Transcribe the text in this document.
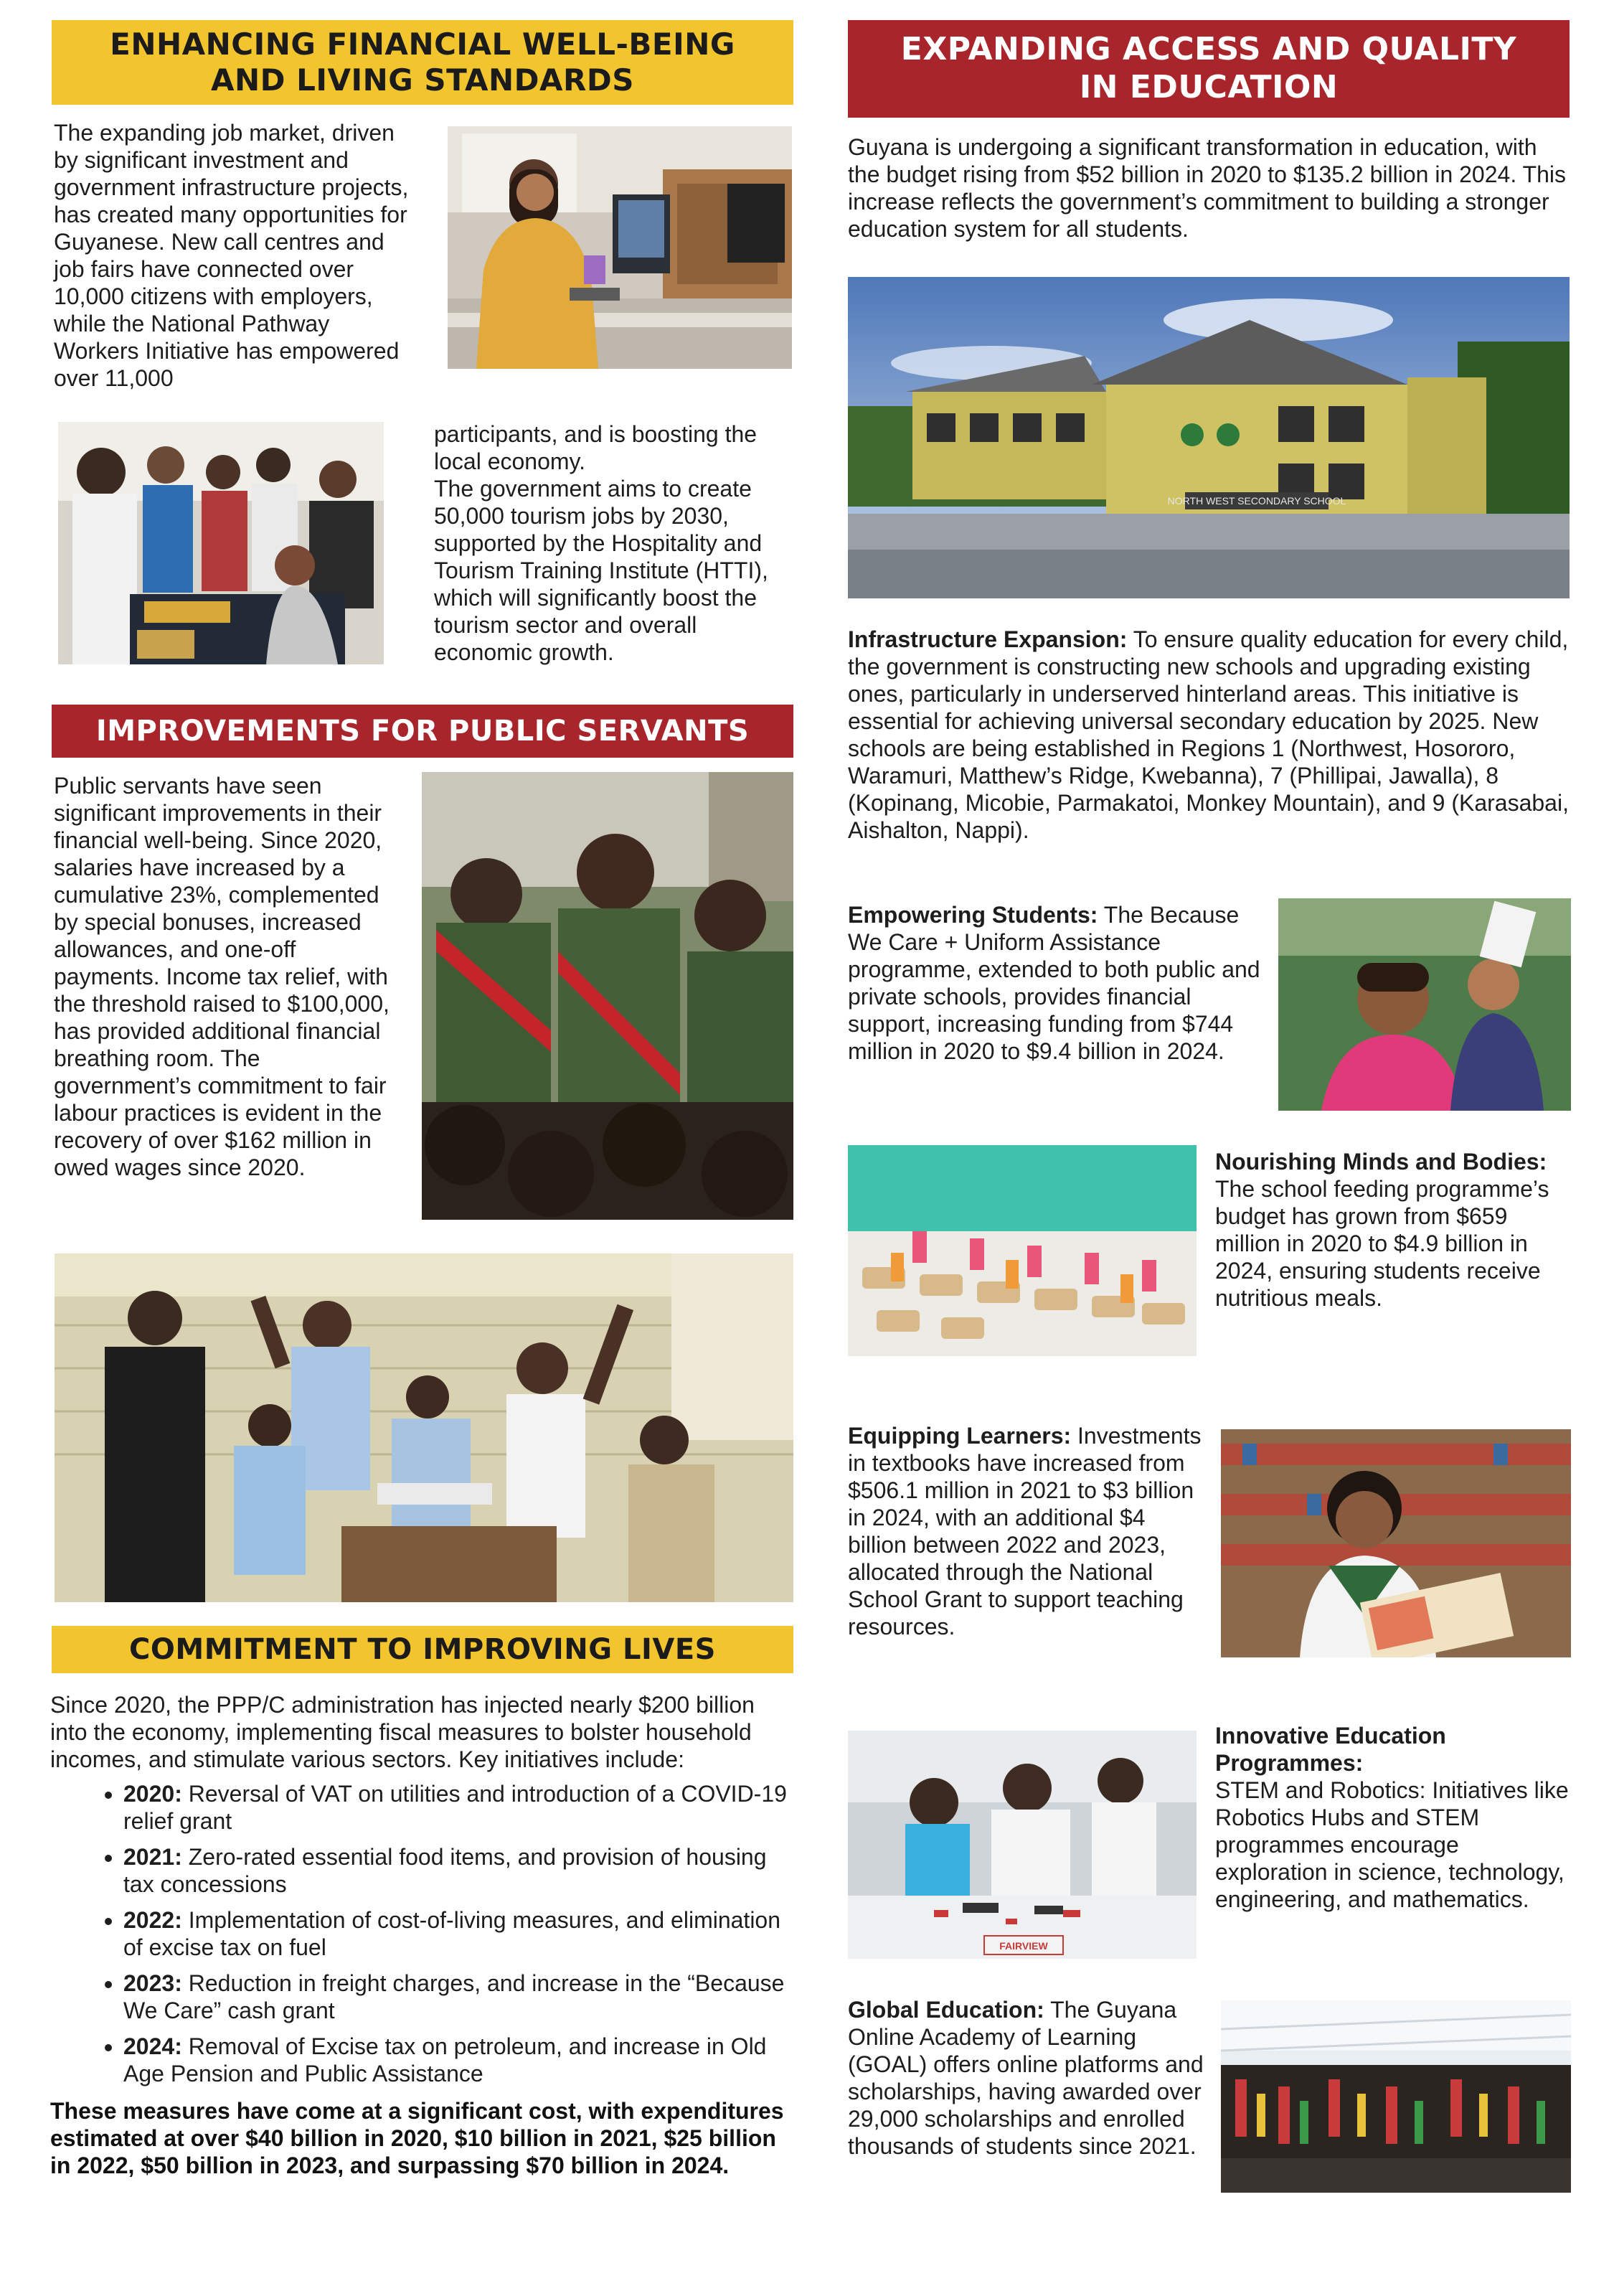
ENHANCING FINANCIAL WELL-BEING AND LIVING STANDARDS
The expanding job market, driven by significant investment and government infrastructure projects, has created many opportunities for Guyanese. New call centres and job fairs have connected over 10,000 citizens with employers, while the National Pathway Workers Initiative has empowered over 11,000
participants, and is boosting the local economy.
The government aims to create 50,000 tourism jobs by 2030, supported by the Hospitality and Tourism Training Institute (HTTI), which will significantly boost the tourism sector and overall economic growth.
IMPROVEMENTS FOR PUBLIC SERVANTS
Public servants have seen significant improvements in their financial well-being. Since 2020, salaries have increased by a cumulative 23%, complemented by special bonuses, increased allowances, and one-off payments. Income tax relief, with the threshold raised to $100,000, has provided additional financial breathing room. The government’s commitment to fair labour practices is evident in the recovery of over $162 million in owed wages since 2020.
COMMITMENT TO IMPROVING LIVES
Since 2020, the PPP/C administration has injected nearly $200 billion into the economy, implementing fiscal measures to bolster household incomes, and stimulate various sectors. Key initiatives include:
• 2020: Reversal of VAT on utilities and introduction of a COVID-19 relief grant
• 2021: Zero-rated essential food items, and provision of housing tax concessions
• 2022: Implementation of cost-of-living measures, and elimination of excise tax on fuel
• 2023: Reduction in freight charges, and increase in the “Because We Care” cash grant
• 2024: Removal of Excise tax on petroleum, and increase in Old Age Pension and Public Assistance
These measures have come at a significant cost, with expenditures estimated at over $40 billion in 2020, $10 billion in 2021, $25 billion in 2022, $50 billion in 2023, and surpassing $70 billion in 2024.
EXPANDING ACCESS AND QUALITY IN EDUCATION
Guyana is undergoing a significant transformation in education, with the budget rising from $52 billion in 2020 to $135.2 billion in 2024. This increase reflects the government’s commitment to building a stronger education system for all students.
NORTH WEST SECONDARY SCHOOL
Infrastructure Expansion: To ensure quality education for every child, the government is constructing new schools and upgrading existing ones, particularly in underserved hinterland areas. This initiative is essential for achieving universal secondary education by 2025. New schools are being established in Regions 1 (Northwest, Hosororo, Waramuri, Matthew’s Ridge, Kwebanna), 7 (Phillipai, Jawalla), 8 (Kopinang, Micobie, Parmakatoi, Monkey Mountain), and 9 (Karasabai, Aishalton, Nappi).
Empowering Students: The Because We Care + Uniform Assistance programme, extended to both public and private schools, provides financial support, increasing funding from $744 million in 2020 to $9.4 billion in 2024.
Nourishing Minds and Bodies: The school feeding programme’s budget has grown from $659 million in 2020 to $4.9 billion in 2024, ensuring students receive nutritious meals.
Equipping Learners: Investments in textbooks have increased from $506.1 million in 2021 to $3 billion in 2024, with an additional $4 billion between 2022 and 2023, allocated through the National School Grant to support teaching resources.
FAIRVIEW
Innovative Education Programmes:
STEM and Robotics: Initiatives like Robotics Hubs and STEM programmes encourage exploration in science, technology, engineering, and mathematics.
Global Education: The Guyana Online Academy of Learning (GOAL) offers online platforms and scholarships, having awarded over 29,000 scholarships and enrolled thousands of students since 2021.
